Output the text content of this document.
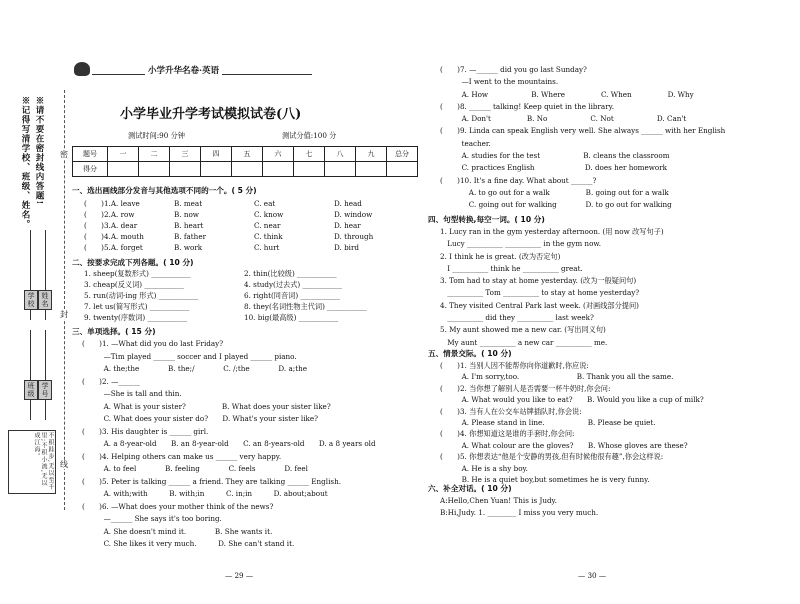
※请不要在密封线内答题!
※记得写清学校、班级、姓名。
学校 姓名
班级 学号
不积跬步,无以至千里;不积小流,无以成江海。
密
封
线
小学升华名卷·英语
小学毕业升学考试模拟试卷(八)
测试时间:90 分钟	测试分值:100 分
题号	一	二	三	四	五	六	七	八	九	总分
得分										
一、选出画线部分发音与其他选项不同的一个。( 5 分)
(　　)1.A. leave	B. meat	C. eat	D. head
(　　)2.A. row	B. now	C. know	D. window
(　　)3.A. dear	B. heart	C. near	D. hear
(　　)4.A. mouth	B. father	C. think	D. through
(　　)5.A. forget	B. work	C. hurt	D. bird
二、按要求完成下列各题。( 10 分)
1. sheep(复数形式) ___________	2. thin(比较级) ___________
3. cheap(反义词) ___________	4. study(过去式) ___________
5. run(动词-ing 形式) ___________	6. right(同音词) ___________
7. let us(简写形式) ___________	8. they(名词性物主代词) ___________
9. twenty(序数词) ___________	10. big(最高级) ___________
三、单项选择。( 15 分)
(　　)1. —What did you do last Friday?
　　　—Tim played ______ soccer and I played ______ piano.
　　　A. the;the　　　　B. the;/　　　　C. /;the　　　　D. a;the
(　　)2. —______
　　　—She is tall and thin.
　　　A. What is your sister?　　　　　B. What does your sister like?
　　　C. What does your sister do?　　D. What's your sister like?
(　　)3. His daughter is ______ girl.
　　　A. a 8-year-old　　B. an 8-year-old　　C. an 8-years-old　　D. a 8 years old
(　　)4. Helping others can make us ______ very happy.
　　　A. to feel　　　　B. feeling　　　　C. feels　　　　D. feel
(　　)5. Peter is talking ______ a friend. They are talking ______ English.
　　　A. with;with　　　B. with;in　　　C. in;in　　　D. about;about
(　　)6. —What does your mother think of the news?
　　　—______ She says it's too boring.
　　　A. She doesn't mind it.　　　　B. She wants it.
　　　C. She likes it very much.　　　D. She can't stand it.
— 29 —
(　　)7. —______ did you go last Sunday?
　　　—I went to the mountains.
　　　A. How　　　　　　B. Where　　　　　C. When　　　　　D. Why
(　　)8. ______ talking! Keep quiet in the library.
　　　A. Don't　　　　　B. No　　　　　　C. Not　　　　　　D. Can't
(　　)9. Linda can speak English very well. She always ______ with her English
　　　teacher.
　　　A. studies for the test　　　　　　B. cleans the classroom
　　　C. practices English　　　　　　　D. does her homework
(　　)10. It's a fine day. What about ______?
　　　　A. to go out for a walk　　　　　B. going out for a walk
　　　　C. going out for walking　　　　D. to go out for walking
四、句型转换,每空一词。( 10 分)
1. Lucy ran in the gym yesterday afternoon. (用 now 改写句子)
　Lucy __________ __________ in the gym now.
2. I think he is great. (改为否定句)
　I __________ think he __________ great.
3. Tom had to stay at home yesterday. (改为一般疑问句)
　__________ Tom __________ to stay at home yesterday?
4. They visited Central Park last week. (对画线部分提问)
　__________ did they __________ last week?
5. My aunt showed me a new car. (写出同义句)
　My aunt __________ a new car __________ me.
五、情景交际。( 10 分)
(　　)1. 当别人因不能帮你向你道歉时,你应说:
　　　A. I'm sorry,too.　　　　　　　　B. Thank you all the same.
(　　)2. 当你想了解别人是否需要一杯牛奶时,你会问:
　　　A. What would you like to eat?　　B. Would you like a cup of milk?
(　　)3. 当有人在公交车站牌插队时,你会说:
　　　A. Please stand in line.　　　　　　B. Please be quiet.
(　　)4. 你想知道这是谁的手套时,你会问:
　　　A. What colour are the gloves?　　B. Whose gloves are these?
(　　)5. 你想表达“他是个安静的男孩,但有时候他很有趣”,你会这样说:
　　　A. He is a shy boy.
　　　B. He is a quiet boy,but sometimes he is very funny.
六、补全对话。( 10 分)
A:Hello,Chen Yuan! This is Judy.
B:Hi,Judy. 1. ________ I miss you very much.
— 30 —
